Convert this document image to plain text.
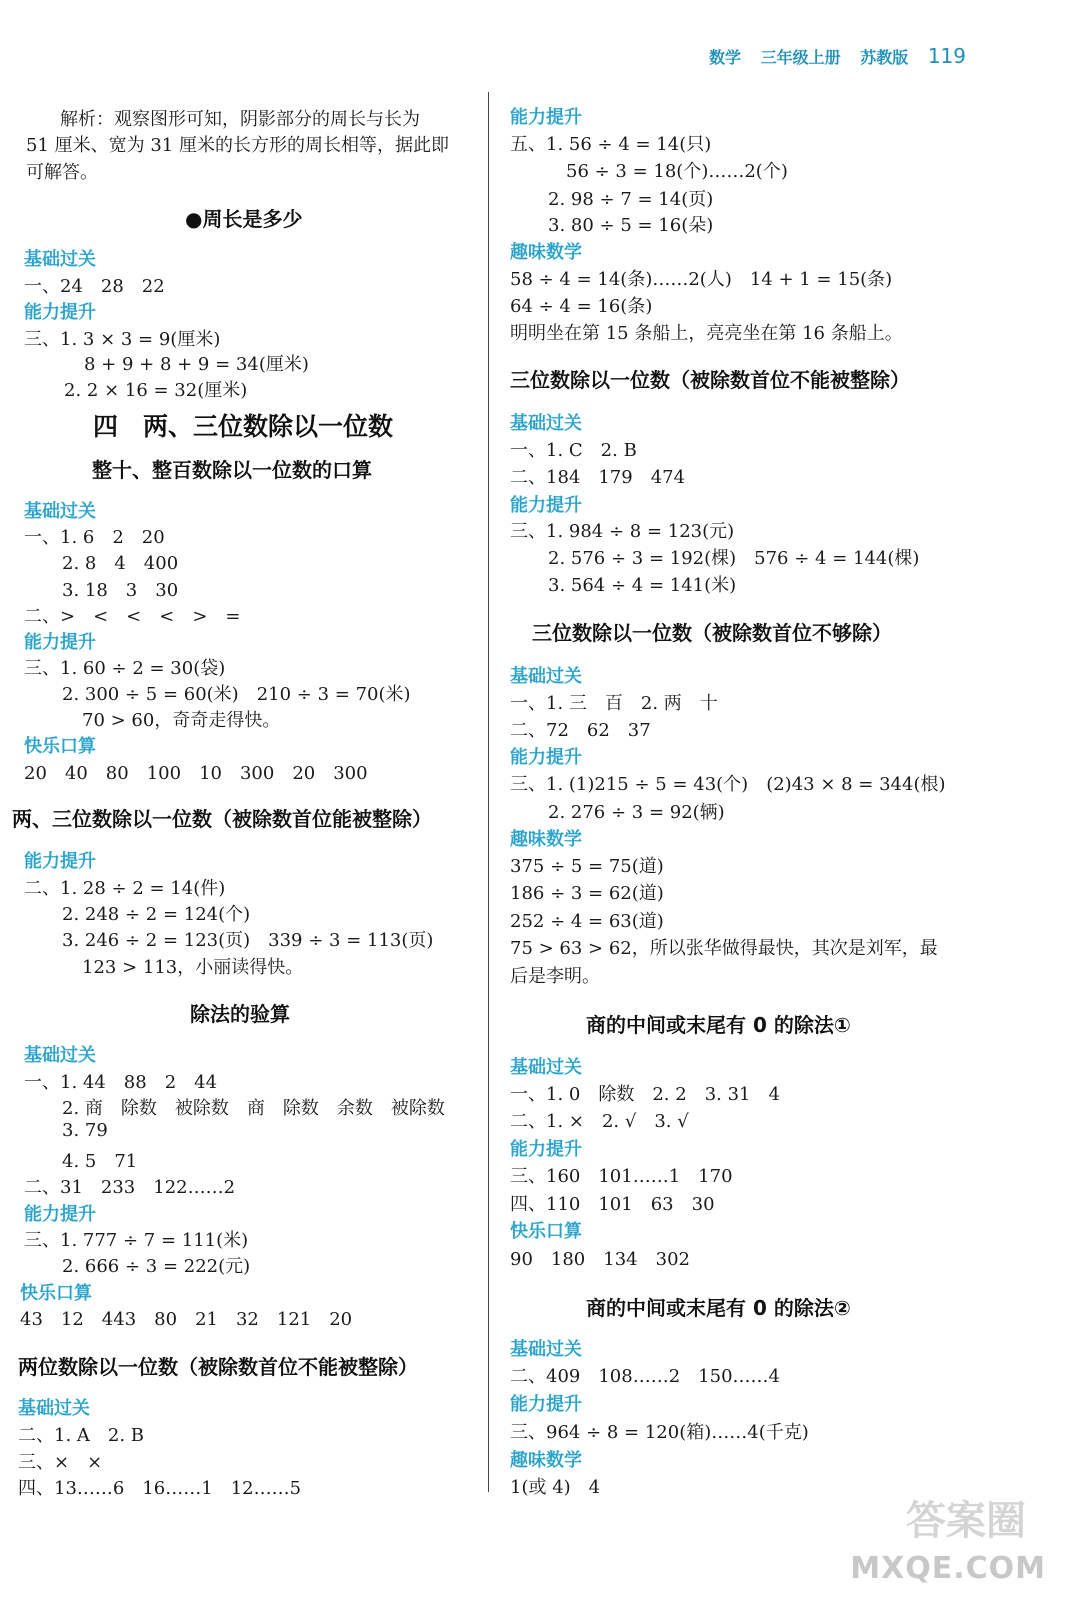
数学 三年级上册 苏教版 119
解析：观察图形可知，阴影部分的周长与长为
51 厘米、宽为 31 厘米的长方形的周长相等，据此即
可解答。
●周长是多少
基础过关
一、24　28　22
能力提升
三、1. 3 × 3 = 9(厘米)
8 + 9 + 8 + 9 = 34(厘米)
2. 2 × 16 = 32(厘米)
四　两、三位数除以一位数
整十、整百数除以一位数的口算
基础过关
一、1. 6　2　20
2. 8　4　400
3. 18　3　30
二、>　<　<　<　>　=
能力提升
三、1. 60 ÷ 2 = 30(袋)
2. 300 ÷ 5 = 60(米)　210 ÷ 3 = 70(米)
70 > 60，奇奇走得快。
快乐口算
20　40　80　100　10　300　20　300
两、三位数除以一位数（被除数首位能被整除）
能力提升
二、1. 28 ÷ 2 = 14(件)
2. 248 ÷ 2 = 124(个)
3. 246 ÷ 2 = 123(页)　339 ÷ 3 = 113(页)
123 > 113，小丽读得快。
除法的验算
基础过关
一、1. 44　88　2　44
2. 商　除数　被除数　商　除数　余数　被除数
3. 79
4. 5　71
二、31　233　122……2
能力提升
三、1. 777 ÷ 7 = 111(米)
2. 666 ÷ 3 = 222(元)
快乐口算
43　12　443　80　21　32　121　20
两位数除以一位数（被除数首位不能被整除）
基础过关
二、1. A　2. B
三、×　×
四、13……6　16……1　12……5
能力提升
五、1. 56 ÷ 4 = 14(只)
56 ÷ 3 = 18(个)……2(个)
2. 98 ÷ 7 = 14(页)
3. 80 ÷ 5 = 16(朵)
趣味数学
58 ÷ 4 = 14(条)……2(人)　14 + 1 = 15(条)
64 ÷ 4 = 16(条)
明明坐在第 15 条船上，亮亮坐在第 16 条船上。
三位数除以一位数（被除数首位不能被整除）
基础过关
一、1. C　2. B
二、184　179　474
能力提升
三、1. 984 ÷ 8 = 123(元)
2. 576 ÷ 3 = 192(棵)　576 ÷ 4 = 144(棵)
3. 564 ÷ 4 = 141(米)
三位数除以一位数（被除数首位不够除）
基础过关
一、1. 三　百　2. 两　十
二、72　62　37
能力提升
三、1. (1)215 ÷ 5 = 43(个)　(2)43 × 8 = 344(根)
2. 276 ÷ 3 = 92(辆)
趣味数学
375 ÷ 5 = 75(道)
186 ÷ 3 = 62(道)
252 ÷ 4 = 63(道)
75 > 63 > 62，所以张华做得最快，其次是刘军，最
后是李明。
商的中间或末尾有 0 的除法①
基础过关
一、1. 0　除数　2. 2　3. 31　4
二、1. ×　2. √　3. √
能力提升
三、160　101……1　170
四、110　101　63　30
快乐口算
90　180　134　302
商的中间或末尾有 0 的除法②
基础过关
二、409　108……2　150……4
能力提升
三、964 ÷ 8 = 120(箱)……4(千克)
趣味数学
1(或 4)　4
答案圈
MXQE.COM
